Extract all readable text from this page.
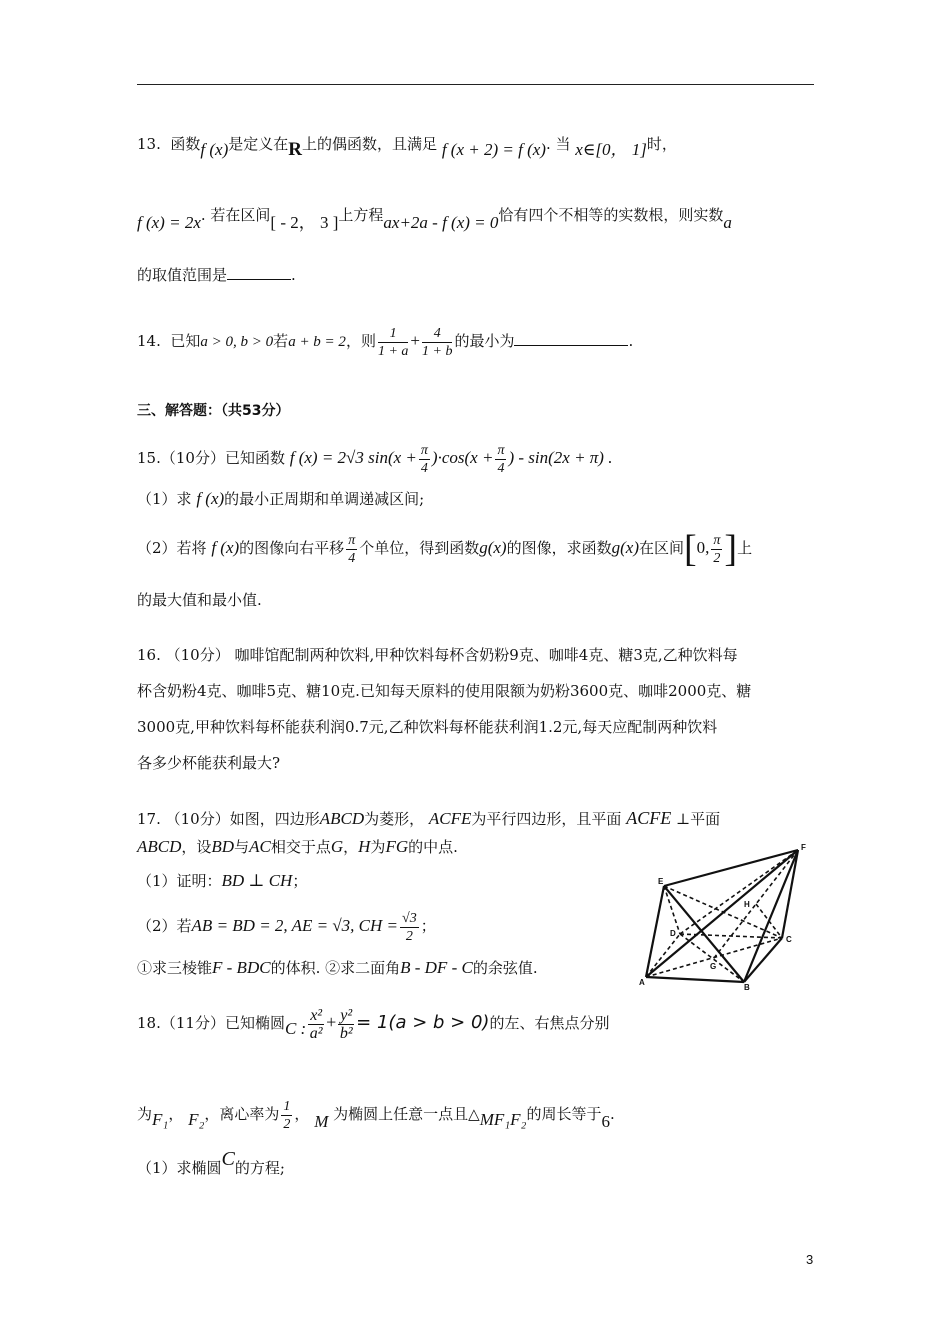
13. 函数f (x)是定义在R上的偶函数，且满足 f (x + 2) = f (x). 当 x∈[0， 1]时，
f (x) = 2x. 若在区间[ - 2， 3 ]上方程ax+2a - f (x) = 0恰有四个不相等的实数根，则实数a
的取值范围是	.
14. 已知a > 0, b > 0若a + b = 2，则 $\frac{1}{1 + a} + \frac{4}{1 + b}$ 的最小为	.
三、解答题：（共53分）
15.（10分）已知函数 f (x) = 2√3 $\sin(x + \frac{\pi}{4} )\cdot\cos(x + \frac{\pi}{4}$ ) - sin(2x + π) .
（1）求 f (x)的最小正周期和单调递减区间;
（2）若将 f (x)的图像向右平移 $\frac{\pi}{4}$ 个单位，得到函数g(x)的图像，求函数g(x)在区间[0, $\frac{\pi}{2}$ ]上
的最大值和最小值.
16. （10分） 咖啡馆配制两种饮料,甲种饮料每杯含奶粉9克、咖啡4克、糖3克,乙种饮料每
杯含奶粉4克、咖啡5克、糖10克.已知每天原料的使用限额为奶粉3600克、咖啡2000克、糖
3000克,甲种饮料每杯能获利润0.7元,乙种饮料每杯能获利润1.2元,每天应配制两种饮料
各多少杯能获利最大?
17. （10分）如图，四边形ABCD为菱形， ACFE为平行四边形，且平面 ACFE ⊥平面
ABCD，设BD与AC相交于点G，H为FG的中点.
（1）证明：BD ⊥ CH；
（2）若AB = BD = 2, AE = √3, CH = $\frac{√3}{2}$ ；
①求三棱锥F - BDC的体积. ②求二面角B - DF - C的余弦值.
E
F
H
D
C
G
A
B
18.（11分）已知椭圆C : $\frac{\text{x²}}{\text{a²}} + \frac{\text{y²}}{\text{b²}} = 1(a > b > 0)$的左、右焦点分别
为F₁， F₂，离心率为 $\frac{1}{2}$ ， M 为椭圆上任意一点且△MF₁F₂的周长等于6.
（1）求椭圆C的方程;
3
